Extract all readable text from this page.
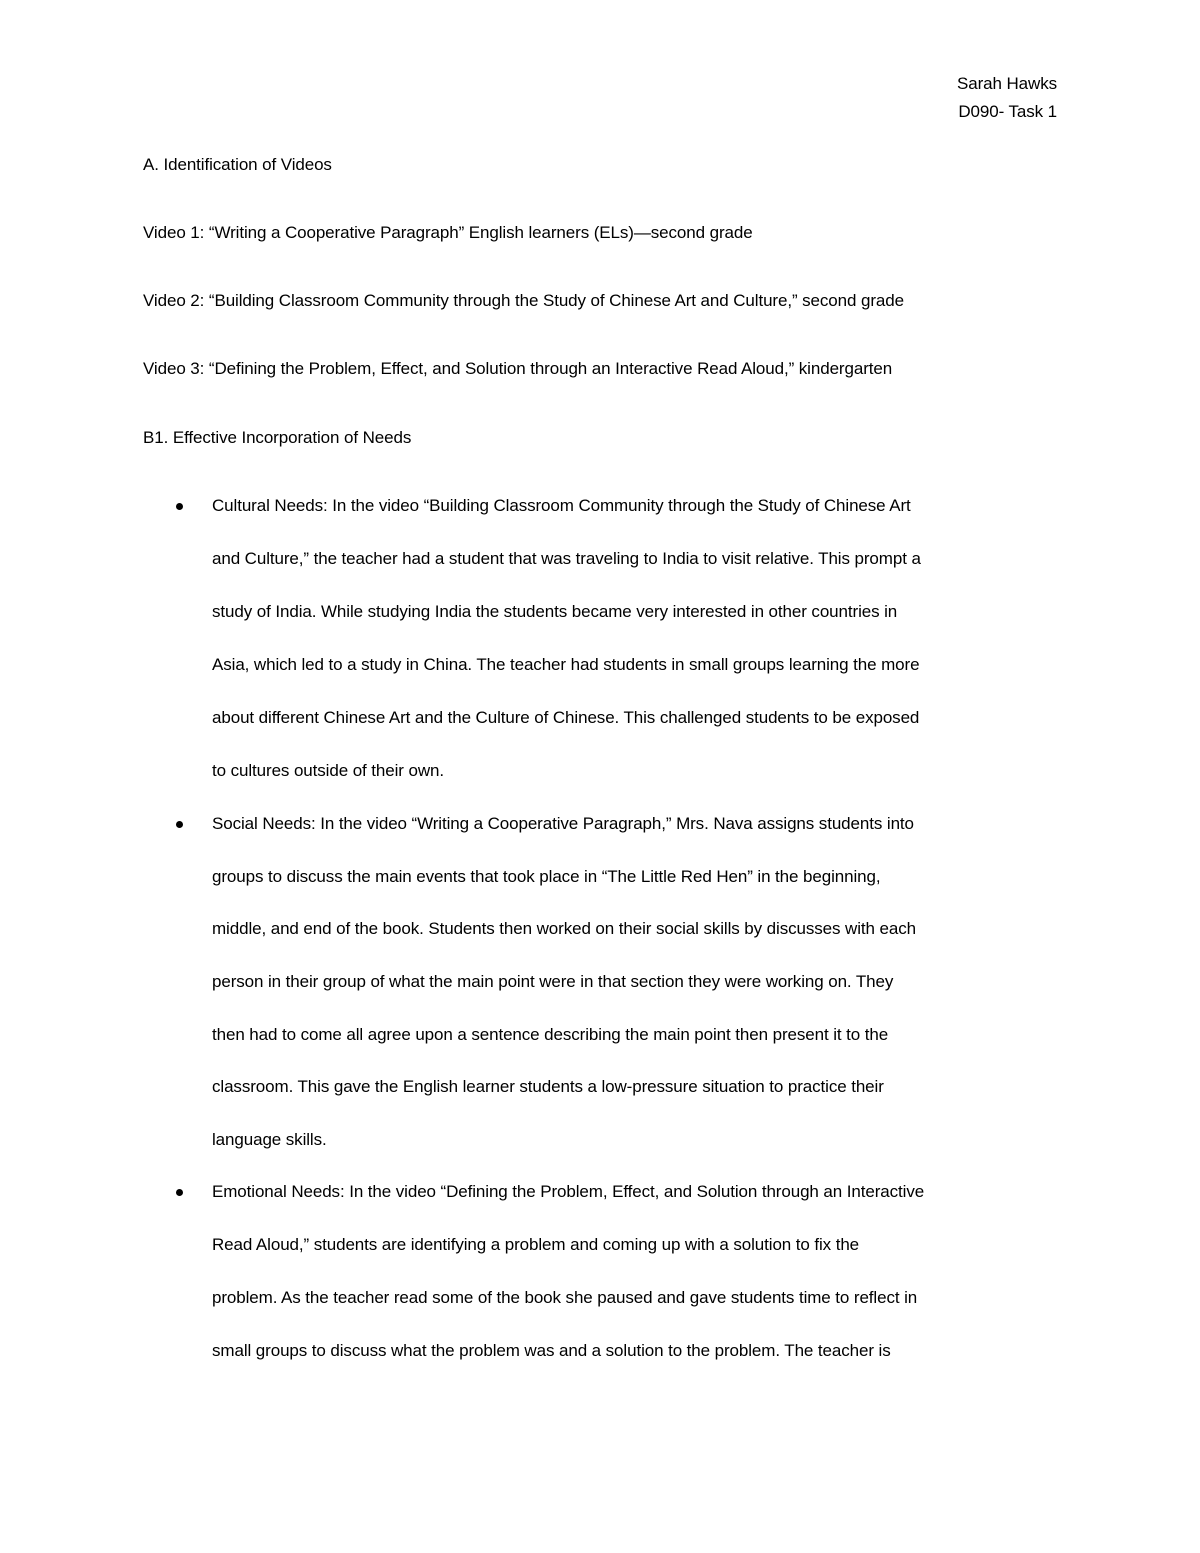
Sarah Hawks
D090- Task 1
A. Identification of Videos
Video 1: “Writing a Cooperative Paragraph” English learners (ELs)—second grade
Video 2: “Building Classroom Community through the Study of Chinese Art and Culture,” second grade
Video 3: “Defining the Problem, Effect, and Solution through an Interactive Read Aloud,” kindergarten
B1. Effective Incorporation of Needs
Cultural Needs: In the video “Building Classroom Community through the Study of Chinese Art
and Culture,” the teacher had a student that was traveling to India to visit relative. This prompt a
study of India. While studying India the students became very interested in other countries in
Asia, which led to a study in China. The teacher had students in small groups learning the more
about different Chinese Art and the Culture of Chinese. This challenged students to be exposed
to cultures outside of their own.
Social Needs: In the video “Writing a Cooperative Paragraph,” Mrs. Nava assigns students into
groups to discuss the main events that took place in “The Little Red Hen” in the beginning,
middle, and end of the book. Students then worked on their social skills by discusses with each
person in their group of what the main point were in that section they were working on. They
then had to come all agree upon a sentence describing the main point then present it to the
classroom. This gave the English learner students a low-pressure situation to practice their
language skills.
Emotional Needs: In the video “Defining the Problem, Effect, and Solution through an Interactive
Read Aloud,” students are identifying a problem and coming up with a solution to fix the
problem. As the teacher read some of the book she paused and gave students time to reflect in
small groups to discuss what the problem was and a solution to the problem. The teacher is
